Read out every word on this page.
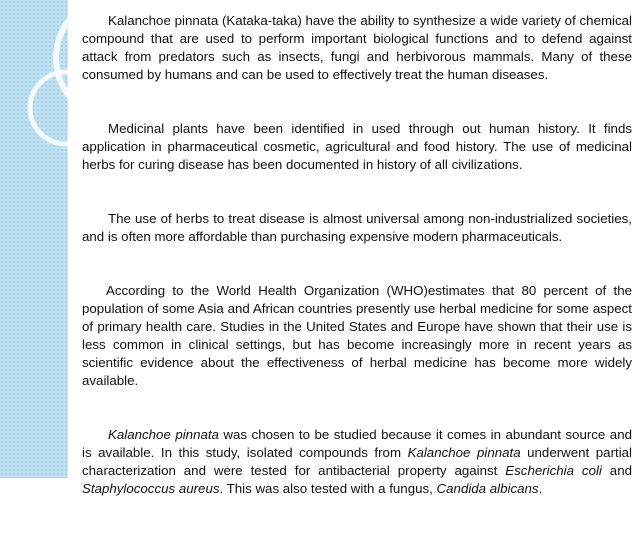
Kalanchoe pinnata (Kataka-taka) have the ability to synthesize a wide variety of chemical compound that are used to perform important biological functions and to defend against attack from predators such as insects, fungi and herbivorous mammals. Many of these consumed by humans and can be used to effectively treat the human diseases.

Medicinal plants have been identified in used through out human history. It finds application in pharmaceutical cosmetic, agricultural and food history. The use of medicinal herbs for curing disease has been documented in history of all civilizations.

The use of herbs to treat disease is almost universal among non-industrialized societies, and is often more affordable than purchasing expensive modern pharmaceuticals.

According to the World Health Organization (WHO)estimates that 80 percent of the population of some Asia and African countries presently use herbal medicine for some aspect of primary health care. Studies in the United States and Europe have shown that their use is less common in clinical settings, but has become increasingly more in recent years as scientific evidence about the effectiveness of herbal medicine has become more widely available.

Kalanchoe pinnata was chosen to be studied because it comes in abundant source and is available. In this study, isolated compounds from Kalanchoe pinnata underwent partial characterization and were tested for antibacterial property against Escherichia coli and Staphylococcus aureus. This was also tested with a fungus, Candida albicans.
